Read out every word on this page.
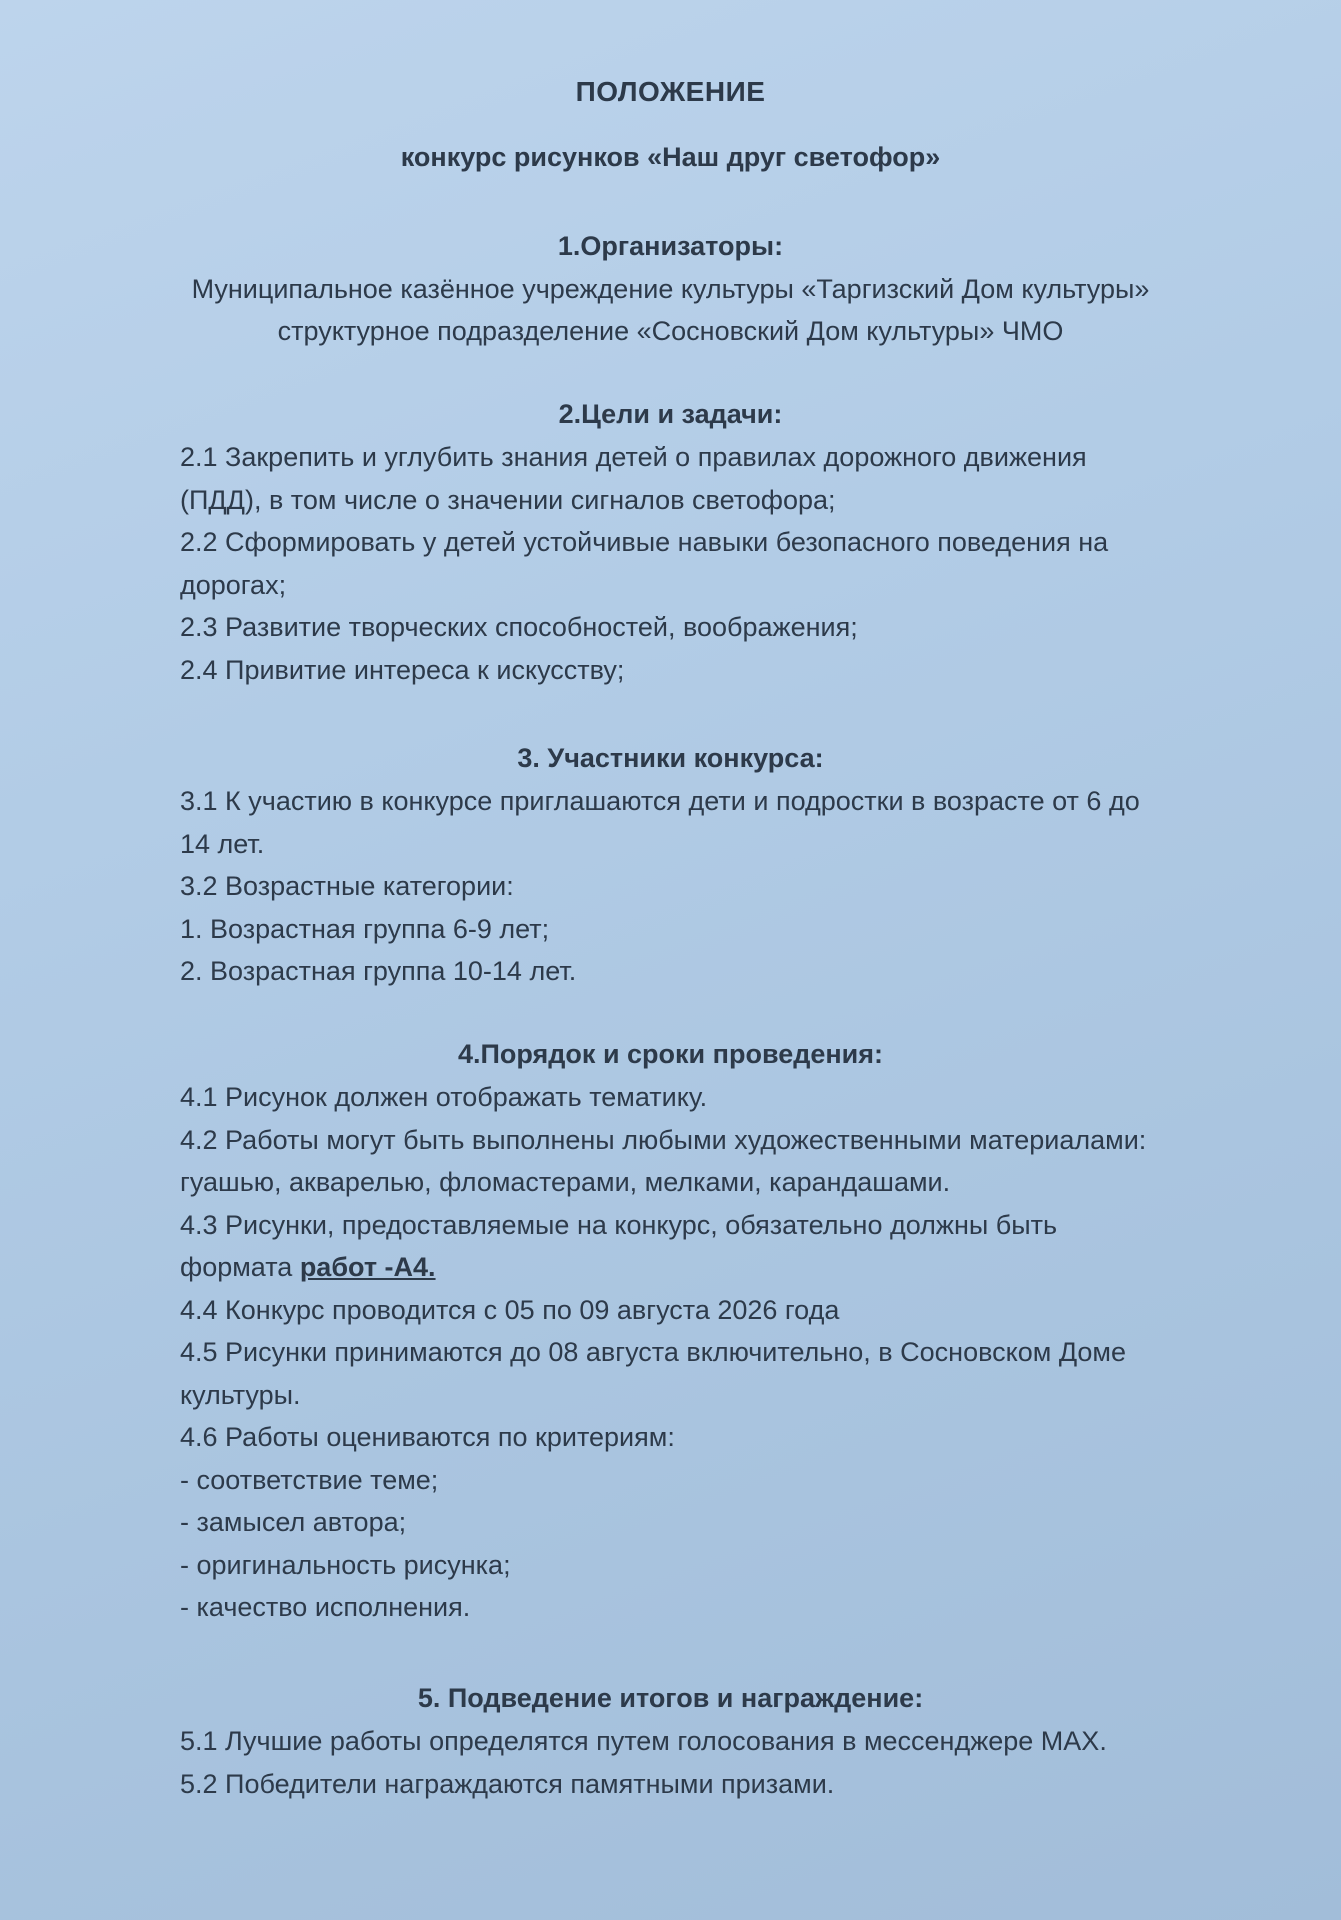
ПОЛОЖЕНИЕ
конкурс рисунков «Наш друг светофор»
1.Организаторы:
Муниципальное казённое учреждение культуры «Таргизский Дом культуры»
структурное подразделение «Сосновский Дом культуры» ЧМО
2.Цели и задачи:
2.1 Закрепить и углубить знания детей о правилах дорожного движения
(ПДД), в том числе о значении сигналов светофора;
2.2 Сформировать у детей устойчивые навыки безопасного поведения на
дорогах;
2.3 Развитие творческих способностей, воображения;
2.4 Привитие интереса к искусству;
3. Участники конкурса:
3.1 К участию в конкурсе приглашаются дети и подростки в возрасте от 6 до
14 лет.
3.2 Возрастные категории:
1. Возрастная группа 6-9 лет;
2. Возрастная группа 10-14 лет.
4.Порядок и сроки проведения:
4.1 Рисунок должен отображать тематику.
4.2 Работы могут быть выполнены любыми художественными материалами:
гуашью, акварелью, фломастерами, мелками, карандашами.
4.3 Рисунки, предоставляемые на конкурс, обязательно должны быть
формата работ -А4.
4.4 Конкурс проводится с 05 по 09 августа 2026 года
4.5 Рисунки принимаются до 08 августа включительно, в Сосновском Доме
культуры.
4.6 Работы оцениваются по критериям:
- соответствие теме;
- замысел автора;
- оригинальность рисунка;
- качество исполнения.
5. Подведение итогов и награждение:
5.1 Лучшие работы определятся путем голосования в мессенджере MAX.
5.2 Победители награждаются памятными призами.
